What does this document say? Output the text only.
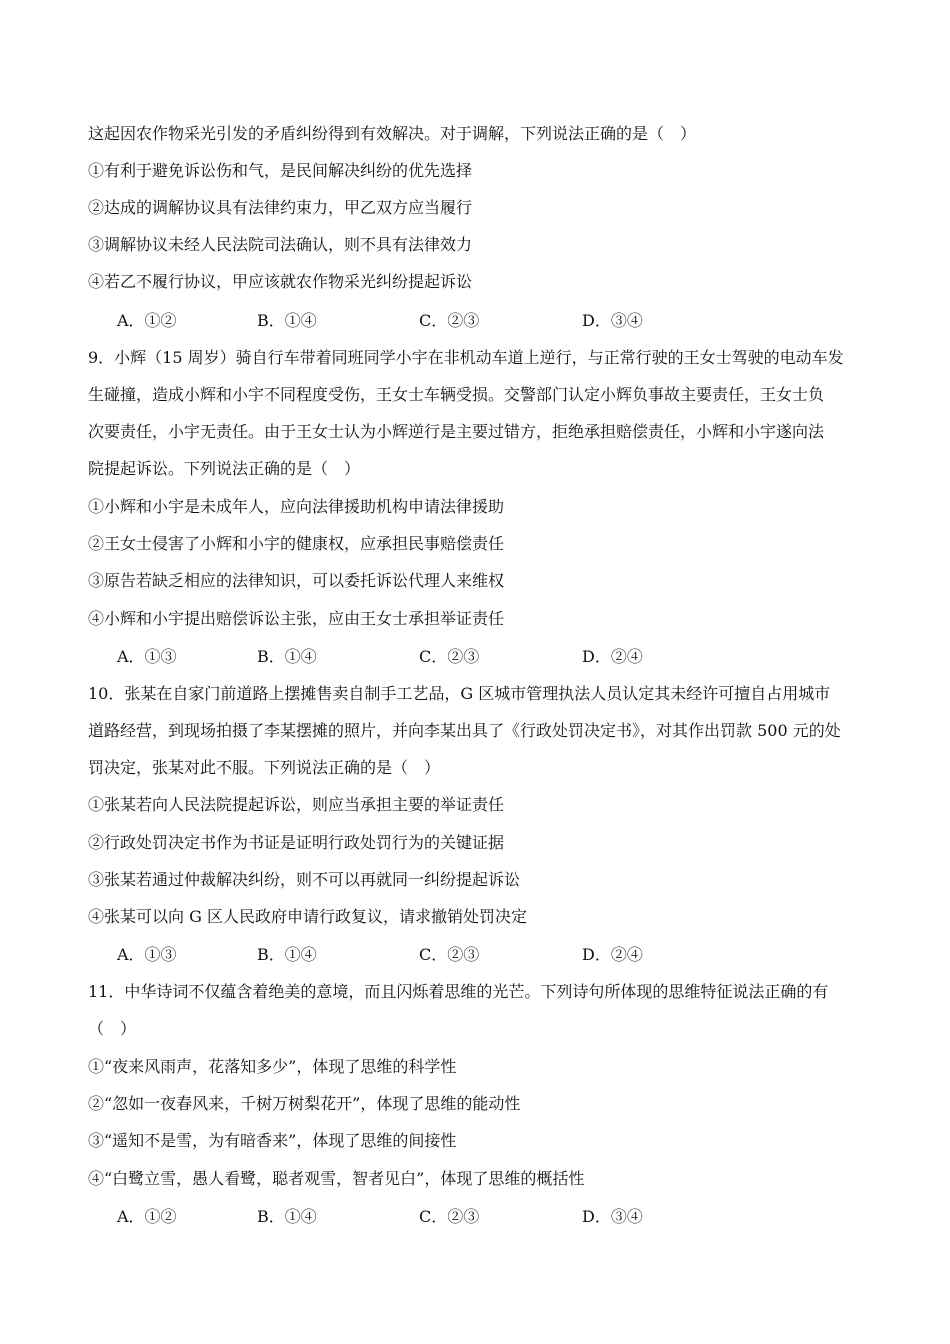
这起因农作物采光引发的矛盾纠纷得到有效解决。对于调解，下列说法正确的是（　）
①有利于避免诉讼伤和气，是民间解决纠纷的优先选择
②达成的调解协议具有法律约束力，甲乙双方应当履行
③调解协议未经人民法院司法确认，则不具有法律效力
④若乙不履行协议，甲应该就农作物采光纠纷提起诉讼
A．①②	B．①④	C．②③	D．③④
9．小辉（15 周岁）骑自行车带着同班同学小宇在非机动车道上逆行，与正常行驶的王女士驾驶的电动车发
生碰撞，造成小辉和小宇不同程度受伤，王女士车辆受损。交警部门认定小辉负事故主要责任，王女士负
次要责任，小宇无责任。由于王女士认为小辉逆行是主要过错方，拒绝承担赔偿责任，小辉和小宇遂向法
院提起诉讼。下列说法正确的是（　）
①小辉和小宇是未成年人，应向法律援助机构申请法律援助
②王女士侵害了小辉和小宇的健康权，应承担民事赔偿责任
③原告若缺乏相应的法律知识，可以委托诉讼代理人来维权
④小辉和小宇提出赔偿诉讼主张，应由王女士承担举证责任
A．①③	B．①④	C．②③	D．②④
10．张某在自家门前道路上摆摊售卖自制手工艺品，G 区城市管理执法人员认定其未经许可擅自占用城市
道路经营，到现场拍摄了李某摆摊的照片，并向李某出具了《行政处罚决定书》，对其作出罚款 500 元的处
罚决定，张某对此不服。下列说法正确的是（　）
①张某若向人民法院提起诉讼，则应当承担主要的举证责任
②行政处罚决定书作为书证是证明行政处罚行为的关键证据
③张某若通过仲裁解决纠纷，则不可以再就同一纠纷提起诉讼
④张某可以向 G 区人民政府申请行政复议，请求撤销处罚决定
A．①③	B．①④	C．②③	D．②④
11．中华诗词不仅蕴含着绝美的意境，而且闪烁着思维的光芒。下列诗句所体现的思维特征说法正确的有
（　）
①“夜来风雨声，花落知多少”，体现了思维的科学性
②“忽如一夜春风来，千树万树梨花开”，体现了思维的能动性
③“遥知不是雪，为有暗香来”，体现了思维的间接性
④“白鹭立雪，愚人看鹭，聪者观雪，智者见白”，体现了思维的概括性
A．①②	B．①④	C．②③	D．③④
